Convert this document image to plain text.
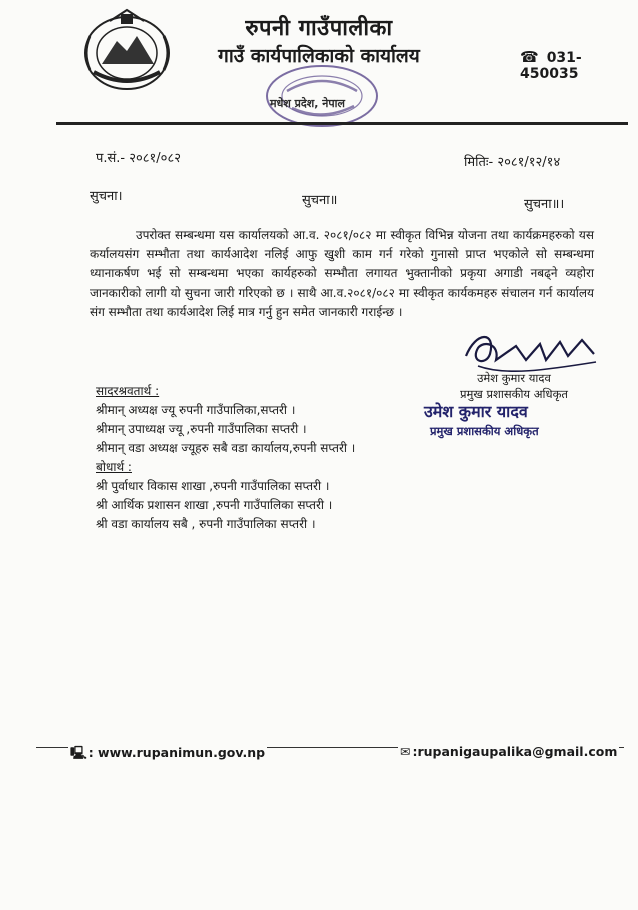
रुपनी गाउँपालीका
गाउँ कार्यपालिकाको कार्यालय	☎ 031-450035
मधेश प्रदेश, नेपाल
प.सं.- २०८१/०८२	मितिः- २०८१/१२/१४
सुचना।	सुचना॥	सुचना॥।
उपरोक्त सम्बन्धमा यस कार्यालयको आ.व. २०८१/०८२ मा स्वीकृत विभिन्न योजना तथा कार्यक्रमहरुको यस कर्यालयसंग सम्भौता तथा कार्यआदेश नलिई आफु खुशी काम गर्न गरेको गुनासो प्राप्त भएकोले सो सम्बन्धमा ध्यानाकर्षण भई सो सम्बन्धमा भएका कार्यहरुको सम्भौता लगायत भुक्तानीको प्रकृया अगाडी नबढ्ने व्यहोरा जानकारीको लागी यो सुचना जारी गरिएको छ । साथै आ.व.२०८१/०८२ मा स्वीकृत कार्यकमहरु संचालन गर्न कार्यालय संग सम्भौता तथा कार्यआदेश लिई मात्र गर्नु हुन समेत जानकारी गराईन्छ ।
उमेश कुमार यादव
प्रमुख प्रशासकीय अधिकृत
उमेश कुमार यादव
प्रमुख प्रशासकीय अधिकृत
सादरश्रवतार्थ :
श्रीमान् अध्यक्ष ज्यू रुपनी गाउँपालिका,सप्तरी ।
श्रीमान् उपाध्यक्ष ज्यू ,रुपनी गाउँपालिका सप्तरी ।
श्रीमान् वडा अध्यक्ष ज्यूहरु सबै वडा कार्यालय,रुपनी सप्तरी ।
बोधार्थ :
श्री पुर्वाधार विकास शाखा ,रुपनी गाउँपालिका सप्तरी ।
श्री आर्थिक प्रशासन शाखा ,रुपनी गाउँपालिका सप्तरी ।
श्री वडा कार्यालय सबै , रुपनी गाउँपालिका सप्तरी ।
🖳 : www.rupanimun.gov.np	✉ :rupanigaupalika@gmail.com
